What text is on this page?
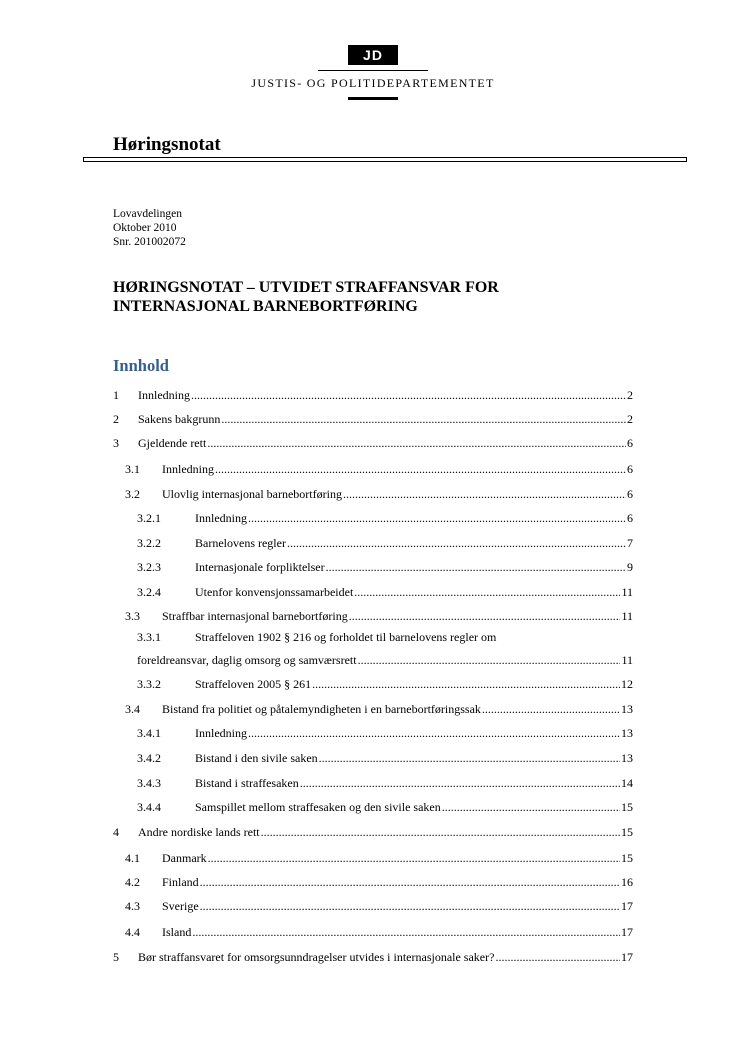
JD
JUSTIS- OG POLITIDEPARTEMENTET
Høringsnotat
Lovavdelingen
Oktober 2010
Snr. 201002072
HØRINGSNOTAT – UTVIDET STRAFFANSVAR FOR INTERNASJONAL BARNEBORTFØRING
Innhold
1	Innledning .....	2
2	Sakens bakgrunn .....	2
3	Gjeldende rett .....	6
3.1	Innledning .....	6
3.2	Ulovlig internasjonal barnebortføring .....	6
3.2.1	Innledning .....	6
3.2.2	Barnelovens regler .....	7
3.2.3	Internasjonale forpliktelser .....	9
3.2.4	Utenfor konvensjonssamarbeidet .....	11
3.3	Straffbar internasjonal barnebortføring .....	11
3.3.1	Straffeloven 1902 § 216 og forholdet til barnelovens regler om
foreldreansvar, daglig omsorg og samværsrett .....	11
3.3.2	Straffeloven 2005 § 261 .....	12
3.4	Bistand fra politiet og påtalemyndigheten i en barnebortføringssak .....	13
3.4.1	Innledning .....	13
3.4.2	Bistand i den sivile saken .....	13
3.4.3	Bistand i straffesaken .....	14
3.4.4	Samspillet mellom straffesaken og den sivile saken .....	15
4	Andre nordiske lands rett .....	15
4.1	Danmark .....	15
4.2	Finland .....	16
4.3	Sverige .....	17
4.4	Island .....	17
5	Bør straffansvaret for omsorgsunndragelser utvides i internasjonale saker? .....	17
